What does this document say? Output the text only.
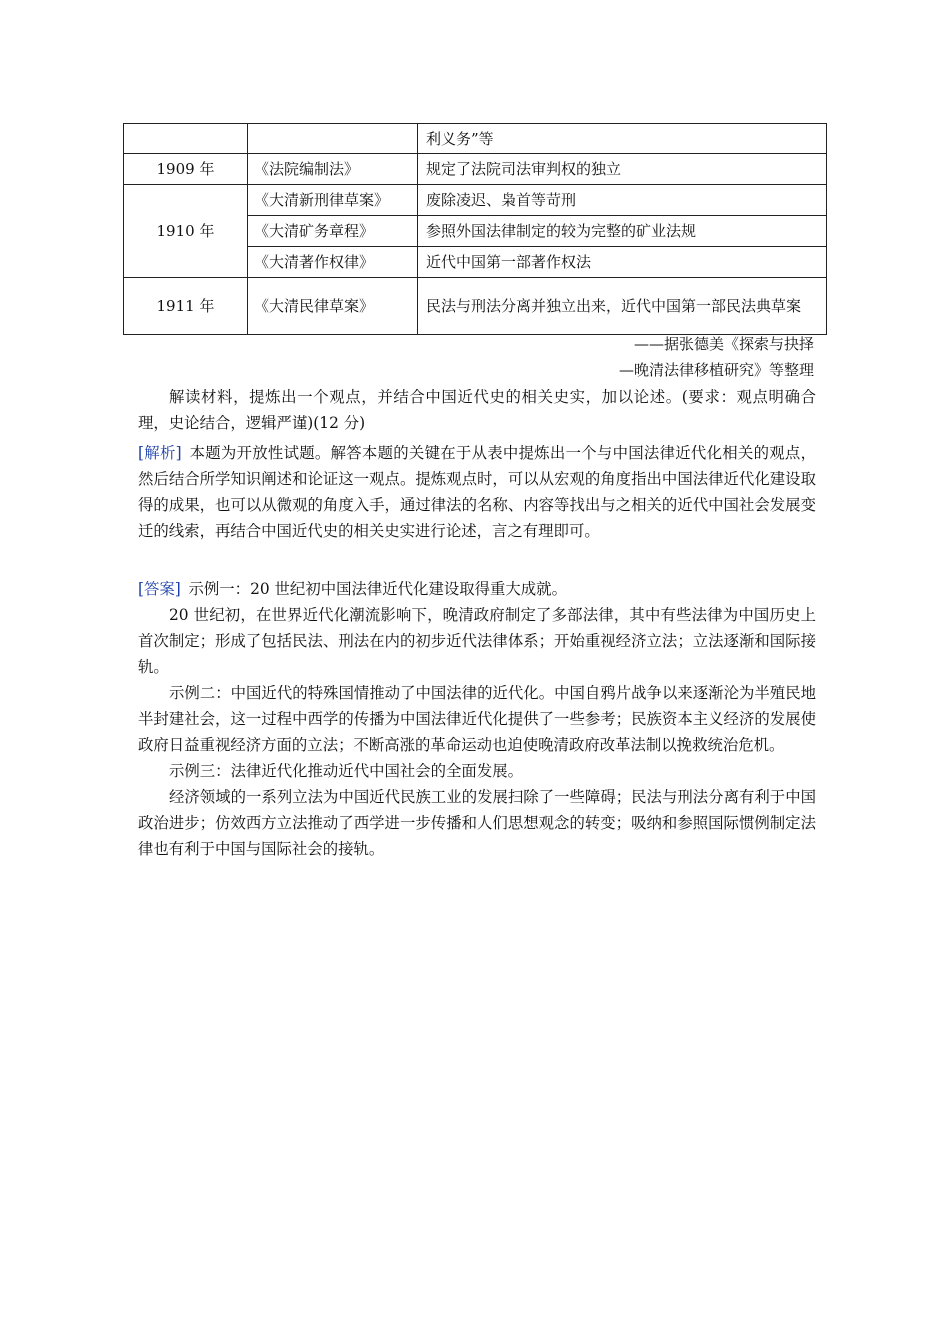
		利义务”等
1909 年	《法院编制法》	规定了法院司法审判权的独立
1910 年	《大清新刑律草案》	废除凌迟、枭首等苛刑
	《大清矿务章程》	参照外国法律制定的较为完整的矿业法规
	《大清著作权律》	近代中国第一部著作权法
1911 年	《大清民律草案》	民法与刑法分离并独立出来，近代中国第一部民法典草案
——据张德美《探索与抉择
—晚清法律移植研究》等整理

解读材料，提炼出一个观点，并结合中国近代史的相关史实，加以论述。(要求：观点明确合理，史论结合，逻辑严谨)(12 分)

[解析]  本题为开放性试题。解答本题的关键在于从表中提炼出一个与中国法律近代化相关的观点，然后结合所学知识阐述和论证这一观点。提炼观点时，可以从宏观的角度指出中国法律近代化建设取得的成果，也可以从微观的角度入手，通过律法的名称、内容等找出与之相关的近代中国社会发展变迁的线索，再结合中国近代史的相关史实进行论述，言之有理即可。

[答案]  示例一：20 世纪初中国法律近代化建设取得重大成就。

20 世纪初，在世界近代化潮流影响下，晚清政府制定了多部法律，其中有些法律为中国历史上首次制定；形成了包括民法、刑法在内的初步近代法律体系；开始重视经济立法；立法逐渐和国际接轨。

示例二：中国近代的特殊国情推动了中国法律的近代化。中国自鸦片战争以来逐渐沦为半殖民地半封建社会，这一过程中西学的传播为中国法律近代化提供了一些参考；民族资本主义经济的发展使政府日益重视经济方面的立法；不断高涨的革命运动也迫使晚清政府改革法制以挽救统治危机。

示例三：法律近代化推动近代中国社会的全面发展。

经济领域的一系列立法为中国近代民族工业的发展扫除了一些障碍；民法与刑法分离有利于中国政治进步；仿效西方立法推动了西学进一步传播和人们思想观念的转变；吸纳和参照国际惯例制定法律也有利于中国与国际社会的接轨。
